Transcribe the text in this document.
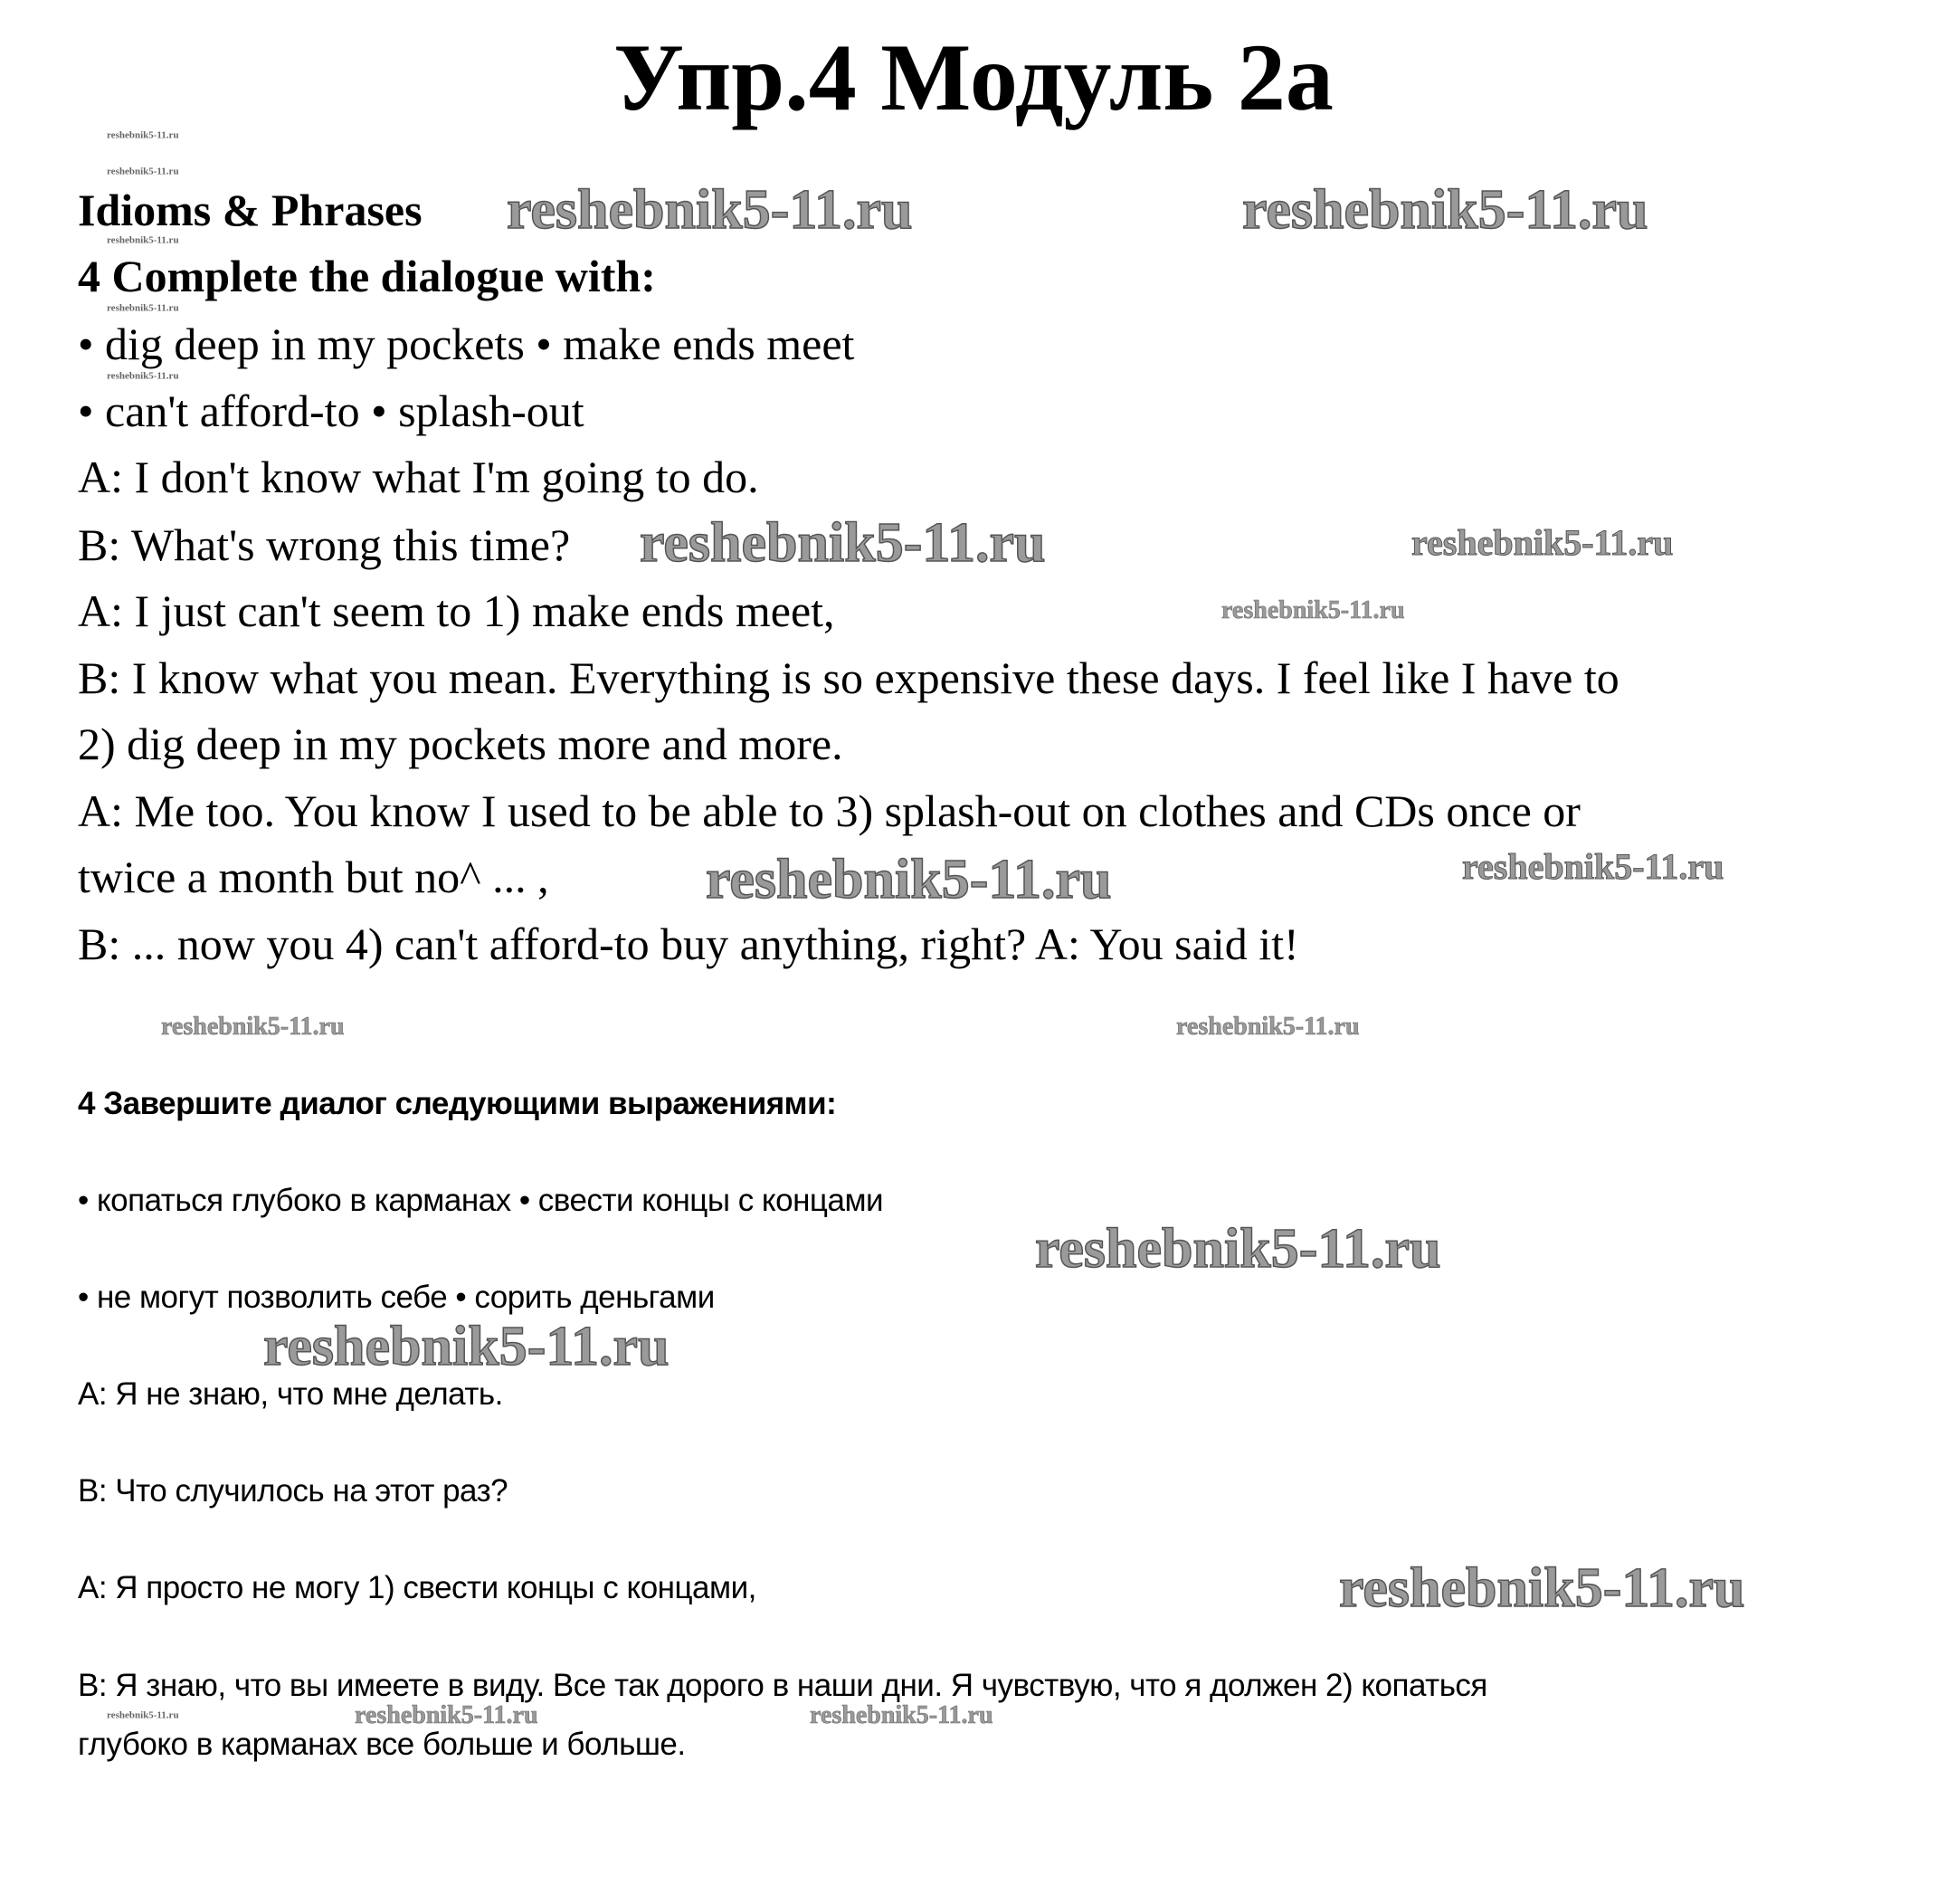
Упр.4 Модуль 2а
Idioms & Phrases
4 Complete the dialogue with:
• dig deep in my pockets • make ends meet
• can't afford-to • splash-out
A: I don't know what I'm going to do.
B: What's wrong this time?
A: I just can't seem to 1) make ends meet,
B: I know what you mean. Everything is so expensive these days. I feel like I have to
2) dig deep in my pockets more and more.
A: Me too. You know I used to be able to 3) splash-out on clothes and CDs once or
twice a month but no^ ... ,
B: ... now you 4) can't afford-to buy anything, right? A: You said it!
4 Завершите диалог следующими выражениями:
• копаться глубоко в карманах • свести концы с концами
• не могут позволить себе • сорить деньгами
А: Я не знаю, что мне делать.
В: Что случилось на этот раз?
А: Я просто не могу 1) свести концы с концами,
В: Я знаю, что вы имеете в виду. Все так дорого в наши дни. Я чувствую, что я должен 2) копаться
глубоко в карманах все больше и больше.
reshebnik5-11.ru
reshebnik5-11.ru
reshebnik5-11.ru
reshebnik5-11.ru
reshebnik5-11.ru
reshebnik5-11.ru	reshebnik5-11.ru
reshebnik5-11.ru	reshebnik5-11.ru
reshebnik5-11.ru
reshebnik5-11.ru
reshebnik5-11.ru
reshebnik5-11.ru
reshebnik5-11.ru
reshebnik5-11.ru
reshebnik5-11.ru
reshebnik5-11.ru
reshebnik5-11.ru	reshebnik5-11.ru
reshebnik5-11.ru
